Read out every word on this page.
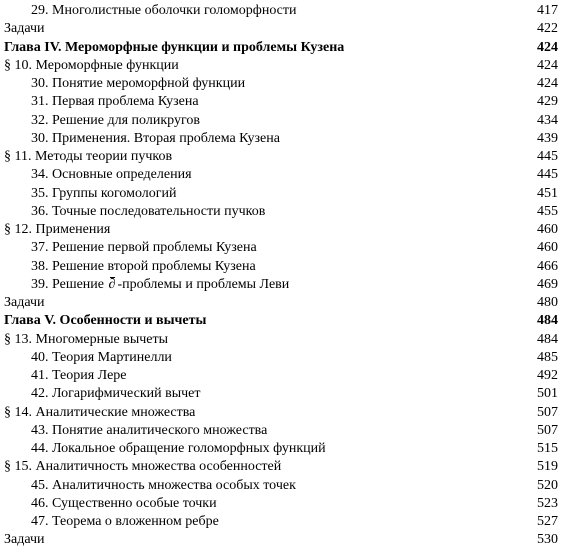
29. Многолистные оболочки голоморфности	417
Задачи	422
Глава IV. Мероморфные функции и проблемы Кузена	424
§ 10. Мероморфные функции	424
30. Понятие мероморфной функции	424
31. Первая проблема Кузена	429
32. Решение для поликругов	434
30. Применения. Вторая проблема Кузена	439
§ 11. Методы теории пучков	445
34. Основные определения	445
35. Группы когомологий	451
36. Точные последовательности пучков	455
§ 12. Применения	460
37. Решение первой проблемы Кузена	460
38. Решение второй проблемы Кузена	466
39. Решение ∂ -проблемы и проблемы Леви	469
Задачи	480
Глава V. Особенности и вычеты	484
§ 13. Многомерные вычеты	484
40. Теория Мартинелли	485
41. Теория Лере	492
42. Логарифмический вычет	501
§ 14. Аналитические множества	507
43. Понятие аналитического множества	507
44. Локальное обращение голоморфных функций	515
§ 15. Аналитичность множества особенностей	519
45. Аналитичность множества особых точек	520
46. Существенно особые точки	523
47. Теорема о вложенном ребре	527
Задачи	530
